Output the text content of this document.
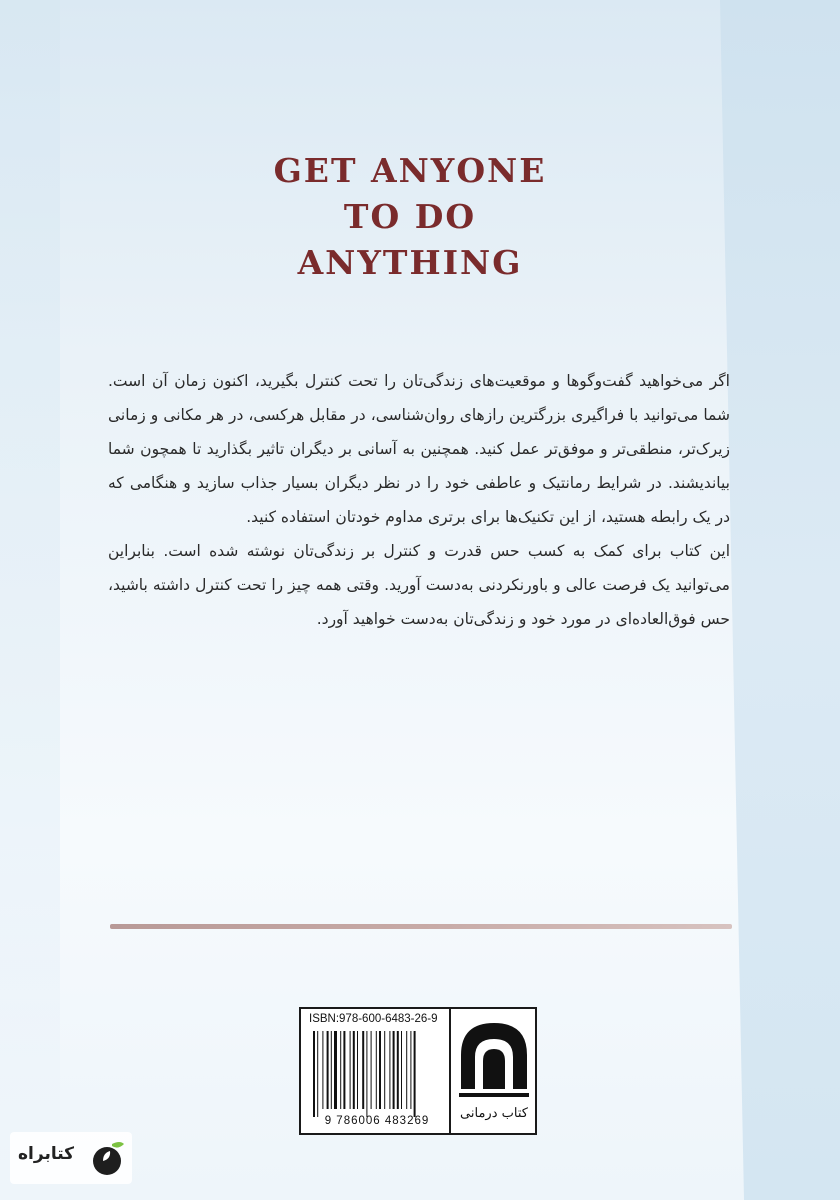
GET ANYONE
TO DO
ANYTHING

اگر می‌خواهید گفت‌وگوها و موقعیت‌های زندگی‌تان را تحت کنترل بگیرید، اکنون زمان آن است. شما می‌توانید با فراگیری بزرگترین رازهای روان‌شناسی، در مقابل هرکسی، در هر مکانی و زمانی زیرک‌تر، منطقی‌تر و موفق‌تر عمل کنید. همچنین به آسانی بر دیگران تاثیر بگذارید تا همچون شما بیاندیشند. در شرایط رمانتیک و عاطفی خود را در نظر دیگران بسیار جذاب سازید و هنگامی که در یک رابطه هستید، از این تکنیک‌ها برای برتری مداوم خودتان استفاده کنید.

این کتاب برای کمک به کسب حس قدرت و کنترل بر زندگی‌تان نوشته شده است. بنابراین می‌توانید یک فرصت عالی و باورنکردنی به‌دست آورید. وقتی همه چیز را تحت کنترل داشته باشید، حس فوق‌العاده‌ای در مورد خود و زندگی‌تان به‌دست خواهید آورد.

ISBN:978-600-6483-26-9
9 786006 483269	کتاب درمانی
کتابراه
